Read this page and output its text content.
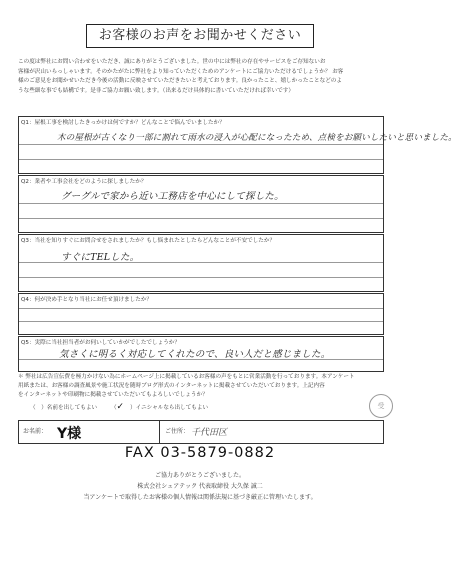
お客様のお声をお聞かせください
この度は弊社にお問い合わせをいただき、誠にありがとうございました。世の中には弊社の存在やサービスをご存知ないお
客様が沢山いらっしゃいます。そのかたがたに弊社をより知っていただくためのアンケートにご協力いただけるでしょうか？ お客
様のご意見をお聞かせいただき今後の活動に反映させていただきたいと考えております。良かったこと、嬉しかったことなどのよ
うな些細な事でも結構です。是非ご協力お願い致します。（出来るだけ具体的に書いていただければ幸いです）
Q1：屋根工事を検討したきっかけは何ですか？どんなことで悩んでいましたか？
木の屋根が古くなり一部に割れて雨水の浸入が心配になったため、点検をお願いしたいと思いました。
Q2：業者や工事会社をどのように探しましたか？
グーグルで家から近い工務店を中心にして探した。
Q3：当社を知りすぐにお問合せをされましたか？もし悩まれたとしたらどんなことが不安でしたか？
すぐにTELした。
Q4：何が決め手となり当社にお任せ頂けましたか？
Q5：実際に当社担当者がお伺いしていかがでしたでしょうか？
気さくに明るく対応してくれたので、良い人だと感じました。
＊ 弊社は広告宣伝費を極力かけない為にホームページ上に掲載しているお客様の声をもとに営業活動を行っております。本アンケート
用紙または、お客様の調査風景や施工状況を随時ブログ形式のインターネットに掲載させていただいております。上記内容
をインターネットや印刷物に掲載させていただいてもよろしいでしょうか？
（　）名前を出してもよい （✓ ）イニシャルなら出してもよい	受
お名前： Y様	ご住所： 千代田区
FAX 03-5879-0882
ご協力ありがとうございました。
株式会社シェアテック 代表取締役 大久保 誠二
当アンケートで取得したお客様の個人情報は関係法規に基づき厳正に管理いたします。
